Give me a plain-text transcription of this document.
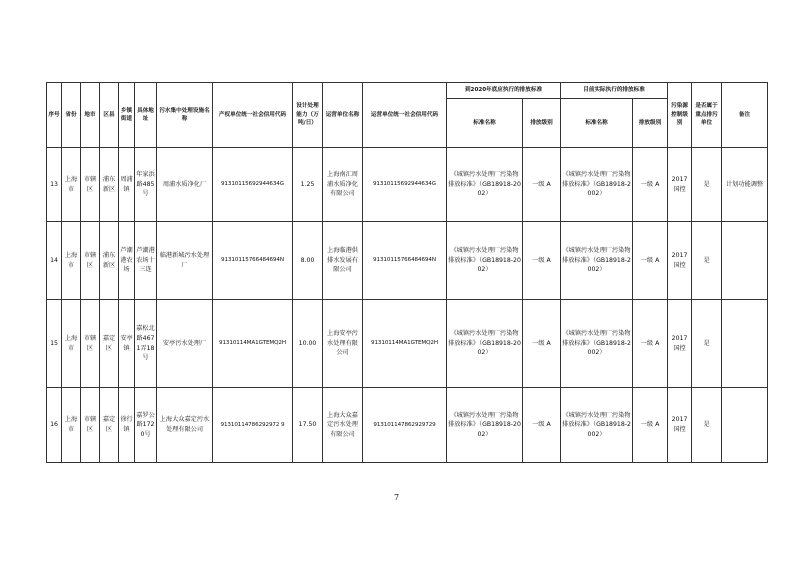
序号	省份	地市	区县	乡镇街道	具体地址	污水集中处理设施名称	产权单位统一社会信用代码	设计处理能力（万吨/日）	运营单位名称	运营单位统一社会信用代码	到2020年底应执行的排放标准		目前实际执行的排放标准		污染源控制级别	是否属于重点排污单位	备注
											标准名称	排放级别	标准名称	排放级别			
13	上海市	市辖区	浦东新区	周浦镇	年家浜路485号	周浦水质净化厂	91310115692944634G	1.25	上海南汇周浦水质净化有限公司	91310115692944634G	《城镇污水处理厂污染物排放标准》（GB18918-2002）	一级 A	《城镇污水处理厂污染物排放标准》（GB18918-2002）	一级 A	2017国控	是	计划功能调整
14	上海市	市辖区	浦东新区	芦潮港农场	芦潮港农场十三连	临港新城污水处理厂	91310115766484694N	8.00	上海临港供排水发展有限公司	91310115766484694N	《城镇污水处理厂污染物排放标准》（GB18918-2002）	一级 A	《城镇污水处理厂污染物排放标准》（GB18918-2002）	一级 A	2017国控	是	
15	上海市	市辖区	嘉定区	安亭镇	嘉松北路4671弄18号	安亭污水处理厂	91310114MA1GTEMQ2H	10.00	上海安亭污水处理有限公司	91310114MA1GTEMQ2H	《城镇污水处理厂污染物排放标准》（GB18918-2002）	一级 A	《城镇污水处理厂污染物排放标准》（GB18918-2002）	一级 A	2017国控	是	
16	上海市	市辖区	嘉定区	徐行镇	嘉罗公路1720号	上海大众嘉定污水处理有限公司	91310114786292972 9	17.50	上海大众嘉定污水处理有限公司	913101147862929729	《城镇污水处理厂污染物排放标准》（GB18918-2002）	一级 A	《城镇污水处理厂污染物排放标准》（GB18918-2002）	一级 A	2017国控	是	
7
